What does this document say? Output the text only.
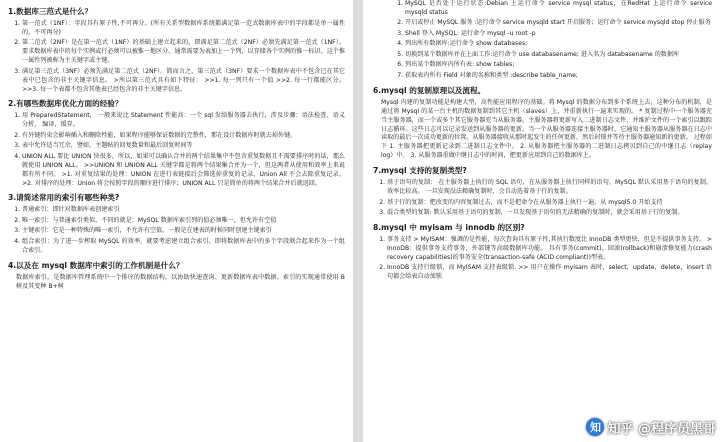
1.数据库三范式是什么？
1. 第一范式（1NF）：字段具有原子性,不可再分。(所有关系型数据库系统都满足第一范式数据库表中的字段都是单一属性的，不可再分)
2. 第二范式（2NF）是在第一范式（1NF）的基础上建立起来的，即满足第二范式（2NF）必须先满足第一范式（1NF）。要求数据库表中的每个实例或行必须可以被惟一地区分。通常需要为表加上一个列，以存储各个实例的惟一标识。这个惟一属性列被称为主关键字或主键。
3. 满足第三范式（3NF）必须先满足第二范式（2NF）。简而言之，第三范式（3NF）要求一个数据库表中不包含已在其它表中已包含的非主关键字信息。 >所以第三范式具有如下特征： >>1. 每一列只有一个值 >>2. 每一行都能区分。 >>3. 每一个表都不包含其他表已经包含的非主关键字信息。
2.有哪些数据库优化方面的经验？
1. 用 PreparedStatement， 一般来说比 Statement 性能高：一个 sql 发给服务器去执行，涉及步骤：语法检查、语义分析， 编译，缓存。
2. 有外键约束会影响插入和删除性能，如果程序能够保证数据的完整性，那在设计数据库时就去掉外键。
3. 表中允许适当冗余，譬如，主题帖的回复数量和最后回复时间等
4. UNION ALL 要比 UNION 快很多，所以，如果可以确认合并的两个结果集中不包含重复数据且不需要排序时的话，那么就使用 UNION ALL。 >>UNION 和 UNION ALL 关键字都是将两个结果集合并为一个，但这两者从使用和效率上来说都有所不同。 >1. 对重复结果的处理：UNION 在进行表链接后会筛选掉重复的记录，Union All 不会去除重复记录。 >2. 对排序的处理：Union 将会按照字段的顺序进行排序；UNION ALL 只是简单的将两个结果合并后就返回。
3.请简述常用的索引有哪些种类?
1. 普通索引：即针对数据库表创建索引
2. 唯一索引：与普通索引类似，不同的就是：MySQL 数据库索引列的值必须唯一，但允许有空值
3. 主键索引：它是一种特殊的唯一索引，不允许有空值。一般是在建表的时候同时创建主键索引
4. 组合索引：为了进一步榨取 MySQL 的效率，就要考虑建立组合索引。即将数据库表中的多个字段联合起来作为一个组合索引。
4.以及在 mysql 数据库中索引的工作机制是什么？

数据库索引，是数据库管理系统中一个排序的数据结构，以协助快速查询、更新数据库表中数据。索引的实现通常使用 B 树及其变种 B+树

1. MySQL 是否处于运行状态:Debian 上运行命令 service mysql status，在RedHat 上运行命令 service mysqld status
2. 开启或停止 MySQL 服务 :运行命令 service mysqld start 开启服务；运行命令 service mysqld stop 停止服务
3. Shell 登入 MySQL: 运行命令 mysql -u root -p
4. 列出所有数据库:运行命令 show databases;
5. 切换到某个数据库并在上面工作:运行命令 use databasename; 进入名为 databasename 的数据库
6. 列出某个数据库内所有表: show tables;
7. 获取表内所有 Field 对象的名称和类型 :describe table_name;
6.mysql 的复制原理以及流程。

Mysql 内建的复制功能是构建大型，高性能应用程序的基础。将 Mysql 的数据分布到多个系统上去，这种分布的机制，是通过将 Mysql 的某一台主机的数据复制到其它主机（slaves）上，并重新执行一遍来实现的。 * 复制过程中一个服务器充当主服务器，而一个或多个其它服务器充当从服务器。主服务器将更新写入二进制日志文件，并维护文件的一个索引以跟踪日志循环。这些日志可以记录发送到从服务器的更新。当一个从服务器连接主服务器时，它通知主服务器从服务器在日志中读取的最后一次成功更新的位置。从服务器接收从那时起发生的任何更新，然后封锁并等待主服务器通知新的更新。 过程如下 1. 主服务器把更新记录到二进制日志文件中。 2. 从服务器把主服务器的二进制日志拷贝到自己的中继日志（replay log）中。 3. 从服务器重做中继日志中的时间，把更新应用到自己的数据库上。

7.mysql 支持的复制类型?
1. 基于语句的复制： 在主服务器上执行的 SQL 语句，在从服务器上执行同样的语句。MySQL 默认采用基于语句的复制，效率比较高。 一旦发现没法精确复制时，会自动选着基于行的复制。
2. 基于行的复制：把改变的内容复制过去，而不是把命令在从服务器上执行一遍。从 mysql5.0 开始支持
3. 混合类型的复制: 默认采用基于语句的复制，一旦发现基于语句的无法精确的复制时，就会采用基于行的复制。
8.mysql 中 myisam 与 innodb 的区别?
1. 事务支持 > MyISAM：强调的是性能，每次查询具有原子性,其执行数度比 InnoDB 类型更快，但是不提供事务支持。 > InnoDB：提供事务支持事务，外部键等高级数据库功能。 具有事务(commit)、回滚(rollback)和崩溃修复能力(crash recovery capabilities)的事务安全(transaction-safe (ACID compliant))型表。
2. InnoDB 支持行级锁，而 MyISAM 支持表级锁. >> 用户在操作 myisam 表时，select，update，delete，insert 语句都会给表自动加锁
知 知乎 @程序员黑哥
